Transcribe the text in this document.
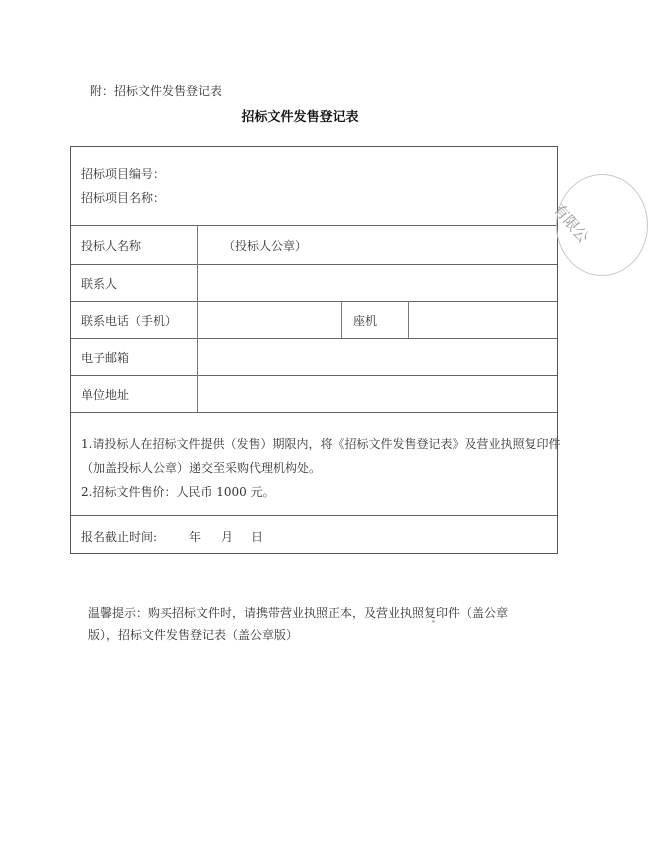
附：招标文件发售登记表
招标文件发售登记表
招标项目编号：
招标项目名称：
投标人名称	（投标人公章）
联系人
联系电话（手机）	座机
电子邮箱
单位地址
1.请投标人在招标文件提供（发售）期限内，将《招标文件发售登记表》及营业执照复印件
（加盖投标人公章）递交至采购代理机构处。
2.招标文件售价：人民币 1000 元。
报名截止时间:	年 月 日
有限公
温馨提示：购买招标文件时，请携带营业执照正本，及营业执照复印件（盖公章
版），招标文件发售登记表（盖公章版）
